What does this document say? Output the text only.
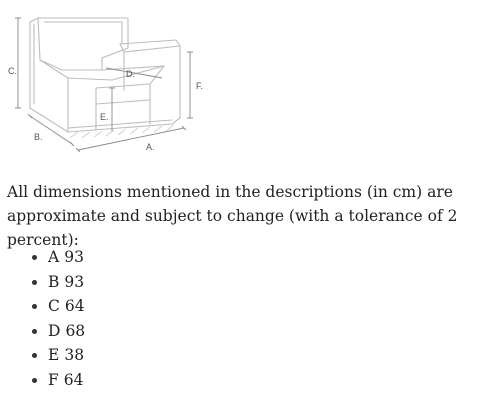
C.
F.
D.
E.
B.
A.

All dimensions mentioned in the descriptions (in cm) are approximate and subject to change (with a tolerance of 2 percent):

A 93
B 93
C 64
D 68
E 38
F 64
